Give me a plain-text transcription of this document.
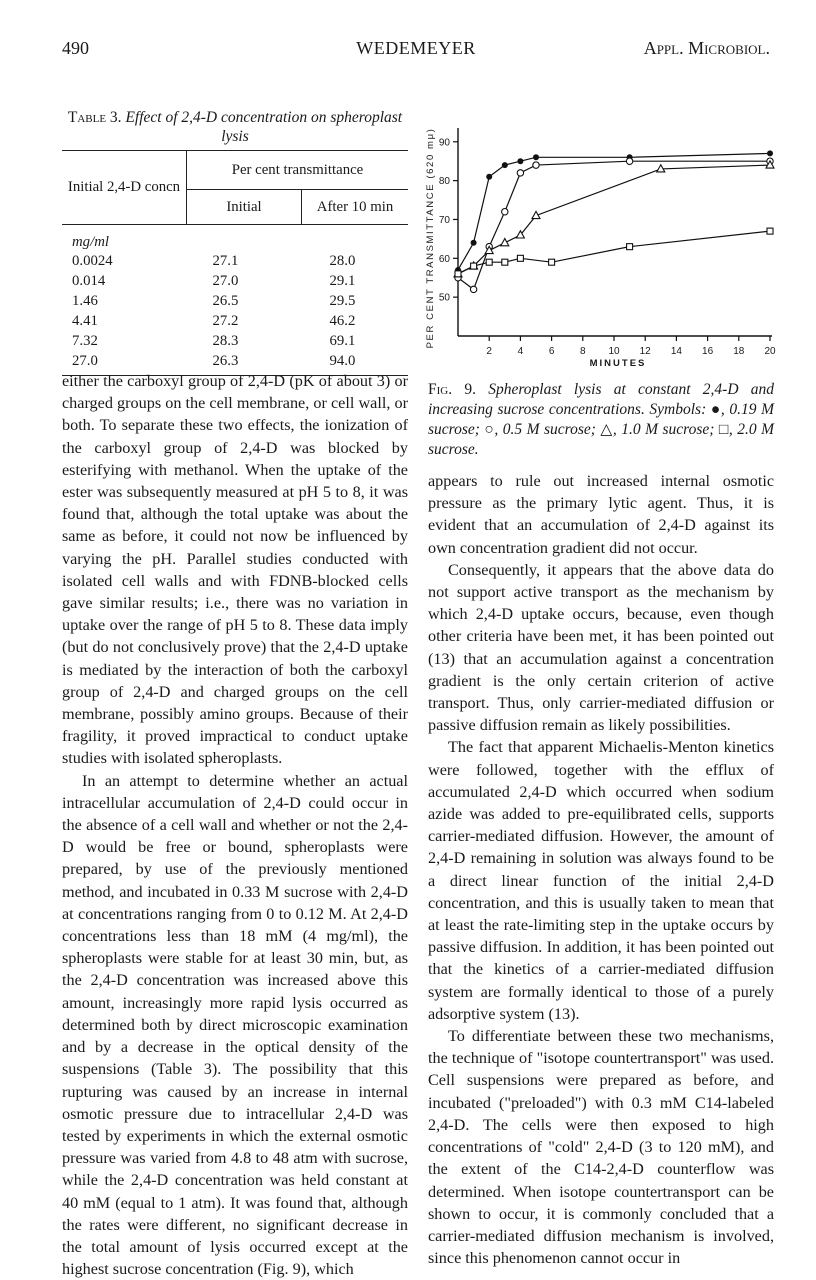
490	WEDEMEYER	Appl. Microbiol.
Table 3. Effect of 2,4-D concentration on spheroplast lysis

Initial 2,4-D concn	Per cent transmittance	
	Initial	After 10 min

mg/ml		
0.0024	27.1	28.0
0.014	27.0	29.1
1.46	26.5	29.5
4.41	27.2	46.2
7.32	28.3	69.1
27.0	26.3	94.0

50
60
70
80
90
2	4	6	8 10 12 14 16 18 20
PER CENT TRANSMITTANCE (620 mμ)
MINUTES
Fig. 9. Spheroplast lysis at constant 2,4-D and increasing sucrose concentrations. Symbols: ●, 0.19 M sucrose; ○, 0.5 M sucrose; △, 1.0 M sucrose; □, 2.0 M sucrose.

either the carboxyl group of 2,4-D (pK of about 3) or charged groups on the cell membrane, or cell wall, or both. To separate these two effects, the ionization of the carboxyl group of 2,4-D was blocked by esterifying with methanol. When the uptake of the ester was subsequently measured at pH 5 to 8, it was found that, although the total uptake was about the same as before, it could not now be influenced by varying the pH. Parallel studies conducted with isolated cell walls and with FDNB-blocked cells gave similar results; i.e., there was no variation in uptake over the range of pH 5 to 8. These data imply (but do not conclusively prove) that the 2,4-D uptake is mediated by the interaction of both the carboxyl group of 2,4-D and charged groups on the cell membrane, possibly amino groups. Because of their fragility, it proved impractical to conduct uptake studies with isolated spheroplasts.

In an attempt to determine whether an actual intracellular accumulation of 2,4-D could occur in the absence of a cell wall and whether or not the 2,4-D would be free or bound, spheroplasts were prepared, by use of the previously mentioned method, and incubated in 0.33 M sucrose with 2,4-D at concentrations ranging from 0 to 0.12 M. At 2,4-D concentrations less than 18 mM (4 mg/ml), the spheroplasts were stable for at least 30 min, but, as the 2,4-D concentration was increased above this amount, increasingly more rapid lysis occurred as determined both by direct microscopic examination and by a decrease in the optical density of the suspensions (Table 3). The possibility that this rupturing was caused by an increase in internal osmotic pressure due to intracellular 2,4-D was tested by experiments in which the external osmotic pressure was varied from 4.8 to 48 atm with sucrose, while the 2,4-D concentration was held constant at 40 mM (equal to 1 atm). It was found that, although the rates were different, no significant decrease in the total amount of lysis occurred except at the highest sucrose concentration (Fig. 9), which

appears to rule out increased internal osmotic pressure as the primary lytic agent. Thus, it is evident that an accumulation of 2,4-D against its own concentration gradient did not occur.

Consequently, it appears that the above data do not support active transport as the mechanism by which 2,4-D uptake occurs, because, even though other criteria have been met, it has been pointed out (13) that an accumulation against a concentration gradient is the only certain criterion of active transport. Thus, only carrier-mediated diffusion or passive diffusion remain as likely possibilities.

The fact that apparent Michaelis-Menton kinetics were followed, together with the efflux of accumulated 2,4-D which occurred when sodium azide was added to pre-equilibrated cells, supports carrier-mediated diffusion. However, the amount of 2,4-D remaining in solution was always found to be a direct linear function of the initial 2,4-D concentration, and this is usually taken to mean that at least the rate-limiting step in the uptake occurs by passive diffusion. In addition, it has been pointed out that the kinetics of a carrier-mediated diffusion system are formally identical to those of a purely adsorptive system (13).

To differentiate between these two mechanisms, the technique of "isotope countertransport" was used. Cell suspensions were prepared as before, and incubated ("preloaded") with 0.3 mM C14-labeled 2,4-D. The cells were then exposed to high concentrations of "cold" 2,4-D (3 to 120 mM), and the extent of the C14-2,4-D counterflow was determined. When isotope countertransport can be shown to occur, it is commonly concluded that a carrier-mediated diffusion mechanism is involved, since this phenomenon cannot occur in
